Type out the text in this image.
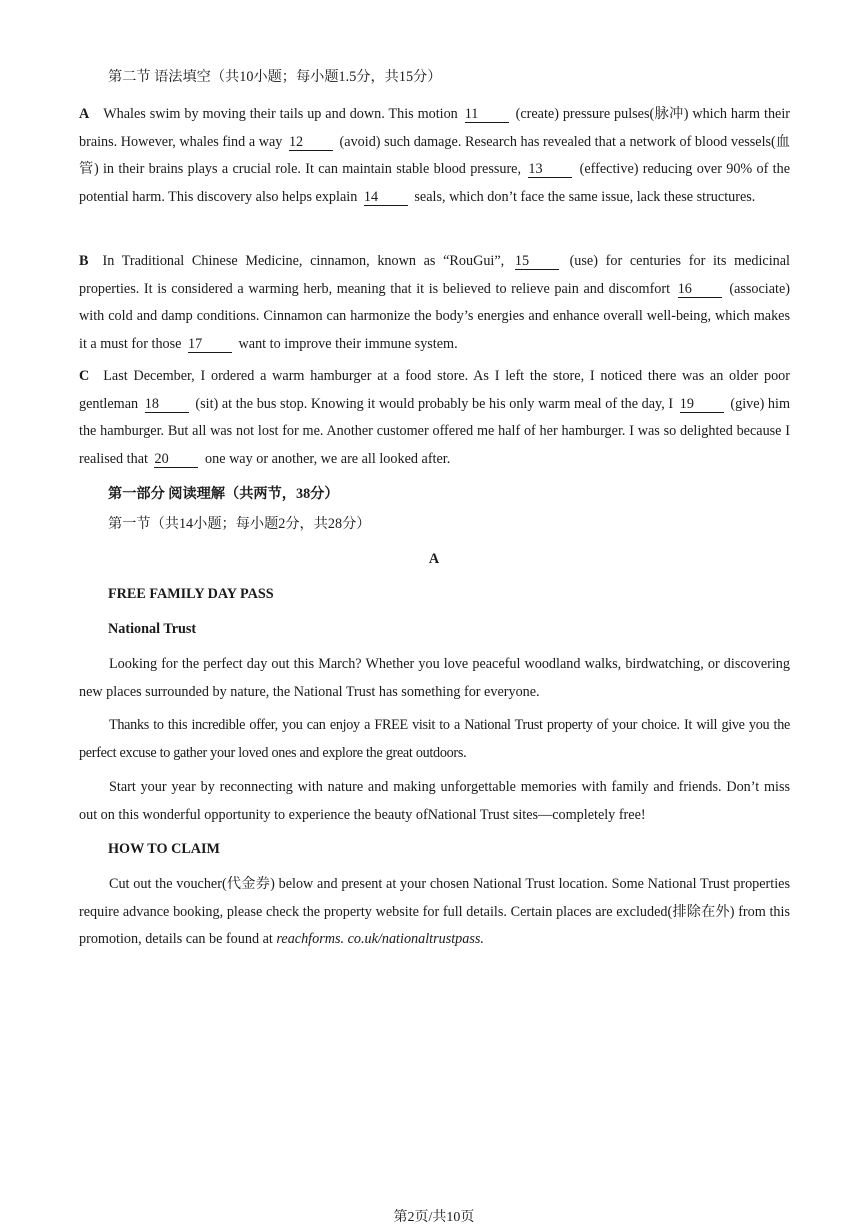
第二节 语法填空（共10小题；每小题1.5分，共15分）
A Whales swim by moving their tails up and down. This motion 11	(create) pressure pulses(脉冲) which harm their brains. However, whales find a way 12	(avoid) such damage. Research has revealed that a network of blood vessels(血管) in their brains plays a crucial role. It can maintain stable blood pressure, 13	(effective) reducing over 90% of the potential harm. This discovery also helps explain 14	seals, which don’t face the same issue, lack these structures.
B In Traditional Chinese Medicine, cinnamon, known as “RouGui”, 15	(use) for centuries for its medicinal properties. It is considered a warming herb, meaning that it is believed to relieve pain and discomfort 16	(associate) with cold and damp conditions. Cinnamon can harmonize the body’s energies and enhance overall well-being, which makes it a must for those 17	want to improve their immune system.
C Last December, I ordered a warm hamburger at a food store. As I left the store, I noticed there was an older poor gentleman 18	(sit) at the bus stop. Knowing it would probably be his only warm meal of the day, I 19	(give) him the hamburger. But all was not lost for me. Another customer offered me half of her hamburger. I was so delighted because I realised that 20	one way or another, we are all looked after.
第一部分 阅读理解（共两节，38分）
第一节（共14小题；每小题2分，共28分）
A
FREE FAMILY DAY PASS
National Trust
Looking for the perfect day out this March? Whether you love peaceful woodland walks, birdwatching, or discovering new places surrounded by nature, the National Trust has something for everyone.
Thanks to this incredible offer, you can enjoy a FREE visit to a National Trust property of your choice. It will give you the perfect excuse to gather your loved ones and explore the great outdoors.
Start your year by reconnecting with nature and making unforgettable memories with family and friends. Don’t miss out on this wonderful opportunity to experience the beauty ofNational Trust sites—completely free!
HOW TO CLAIM
Cut out the voucher(代金券) below and present at your chosen National Trust location. Some National Trust properties require advance booking, please check the property website for full details. Certain places are excluded(排除在外) from this promotion, details can be found at reachforms. co.uk/nationaltrustpass.
第2页/共10页
